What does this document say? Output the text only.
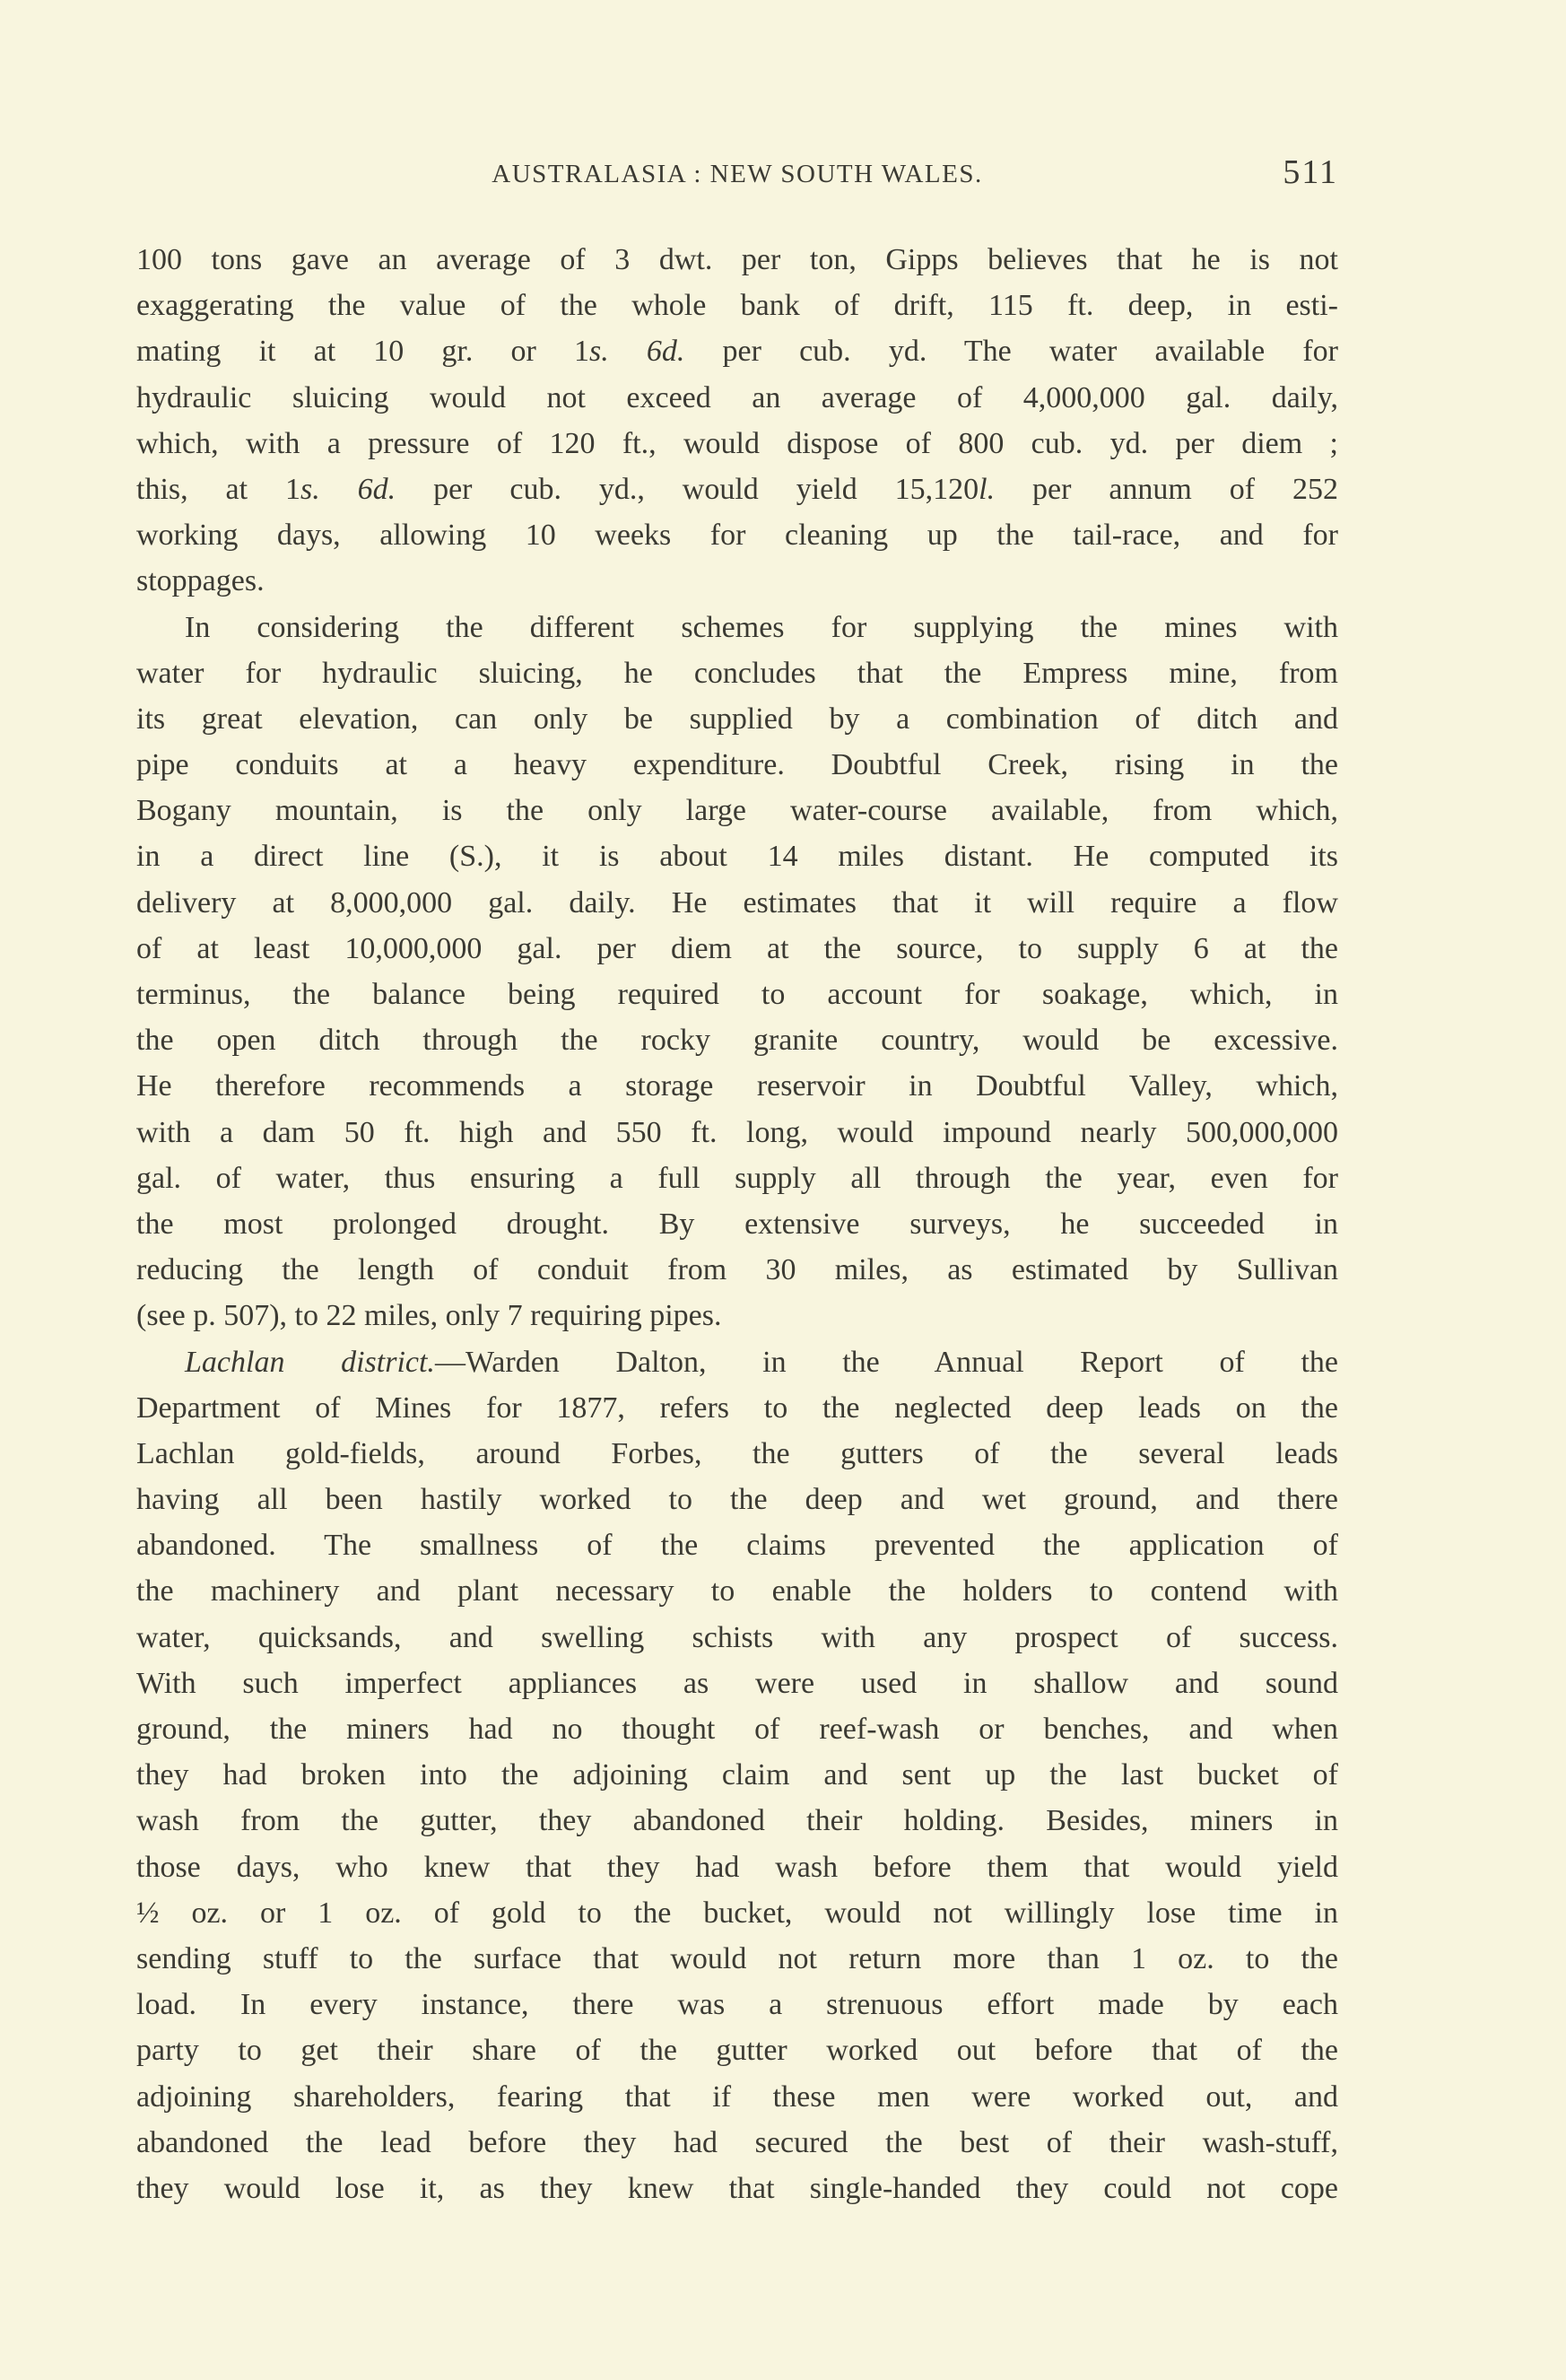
AUSTRALASIA : NEW SOUTH WALES.	511
100 tons gave an average of 3 dwt. per ton, Gipps believes that he is not
exaggerating the value of the whole bank of drift, 115 ft. deep, in esti-
mating it at 10 gr. or 1s. 6d. per cub. yd. The water available for
hydraulic sluicing would not exceed an average of 4,000,000 gal. daily,
which, with a pressure of 120 ft., would dispose of 800 cub. yd. per diem ;
this, at 1s. 6d. per cub. yd., would yield 15,120l. per annum of 252
working days, allowing 10 weeks for cleaning up the tail-race, and for
stoppages.
In considering the different schemes for supplying the mines with
water for hydraulic sluicing, he concludes that the Empress mine, from
its great elevation, can only be supplied by a combination of ditch and
pipe conduits at a heavy expenditure. Doubtful Creek, rising in the
Bogany mountain, is the only large water-course available, from which,
in a direct line (S.), it is about 14 miles distant. He computed its
delivery at 8,000,000 gal. daily. He estimates that it will require a flow
of at least 10,000,000 gal. per diem at the source, to supply 6 at the
terminus, the balance being required to account for soakage, which, in
the open ditch through the rocky granite country, would be excessive.
He therefore recommends a storage reservoir in Doubtful Valley, which,
with a dam 50 ft. high and 550 ft. long, would impound nearly 500,000,000
gal. of water, thus ensuring a full supply all through the year, even for
the most prolonged drought. By extensive surveys, he succeeded in
reducing the length of conduit from 30 miles, as estimated by Sullivan
(see p. 507), to 22 miles, only 7 requiring pipes.
Lachlan district.—Warden Dalton, in the Annual Report of the
Department of Mines for 1877, refers to the neglected deep leads on the
Lachlan gold-fields, around Forbes, the gutters of the several leads
having all been hastily worked to the deep and wet ground, and there
abandoned. The smallness of the claims prevented the application of
the machinery and plant necessary to enable the holders to contend with
water, quicksands, and swelling schists with any prospect of success.
With such imperfect appliances as were used in shallow and sound
ground, the miners had no thought of reef-wash or benches, and when
they had broken into the adjoining claim and sent up the last bucket of
wash from the gutter, they abandoned their holding. Besides, miners in
those days, who knew that they had wash before them that would yield
½ oz. or 1 oz. of gold to the bucket, would not willingly lose time in
sending stuff to the surface that would not return more than 1 oz. to the
load. In every instance, there was a strenuous effort made by each
party to get their share of the gutter worked out before that of the
adjoining shareholders, fearing that if these men were worked out, and
abandoned the lead before they had secured the best of their wash-stuff,
they would lose it, as they knew that single-handed they could not cope
